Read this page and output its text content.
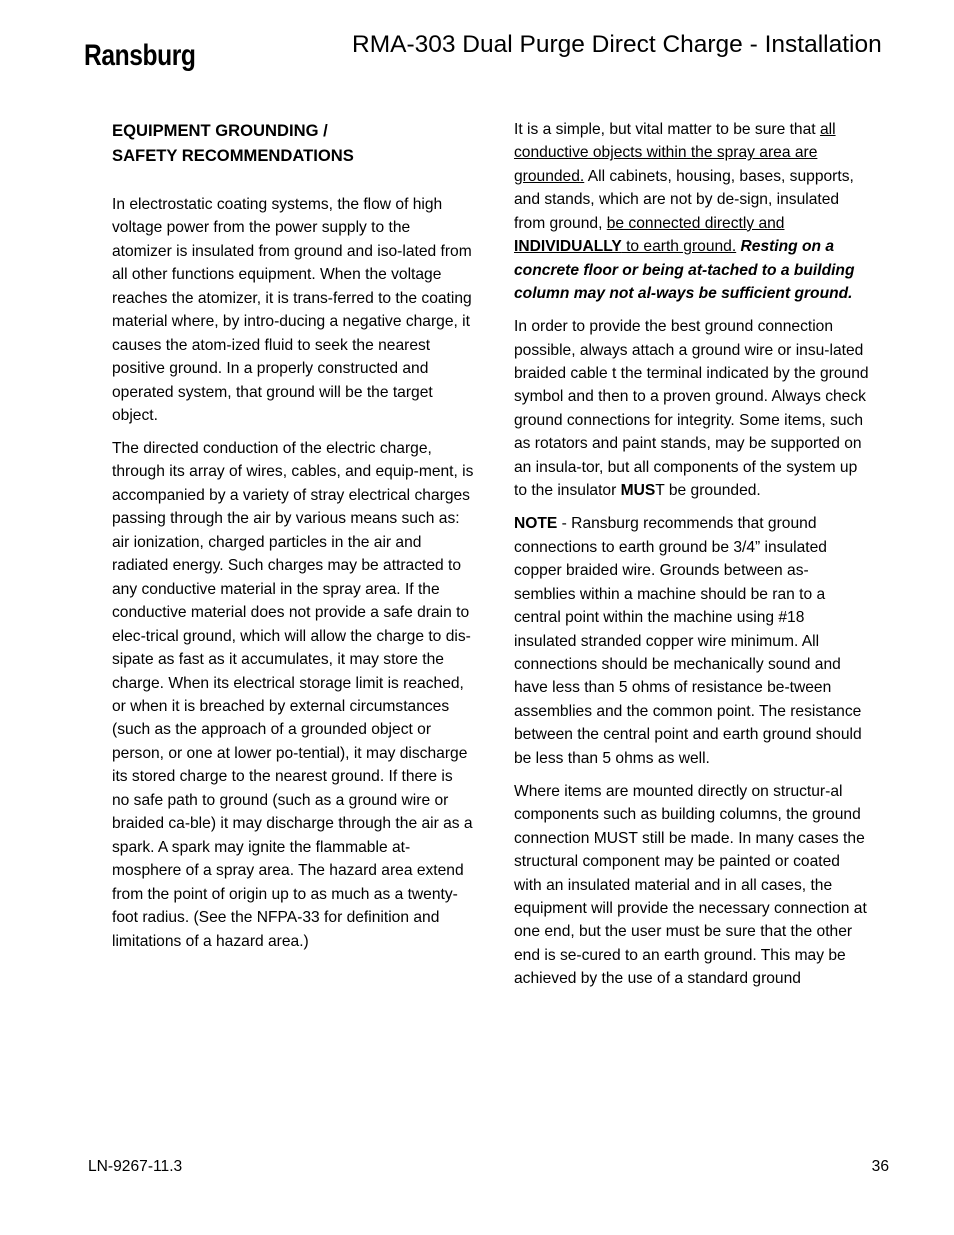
Ransburg	RMA-303 Dual Purge Direct Charge - Installation
EQUIPMENT GROUNDING /
SAFETY RECOMMENDATIONS

In electrostatic coating systems, the flow of high voltage power from the power supply to the atomizer is insulated from ground and iso-lated from all other functions equipment. When the voltage reaches the atomizer, it is trans-ferred to the coating material where, by intro-ducing a negative charge, it causes the atom-ized fluid to seek the nearest positive ground. In a properly constructed and operated system, that ground will be the target object.

The directed conduction of the electric charge, through its array of wires, cables, and equip-ment, is accompanied by a variety of stray electrical charges passing through the air by various means such as: air ionization, charged particles in the air and radiated energy. Such charges may be attracted to any conductive material in the spray area. If the conductive material does not provide a safe drain to elec-trical ground, which will allow the charge to dis-sipate as fast as it accumulates, it may store the charge. When its electrical storage limit is reached, or when it is breached by external circumstances (such as the approach of a grounded object or person, or one at lower po-tential), it may discharge its stored charge to the nearest ground. If there is no safe path to ground (such as a ground wire or braided ca-ble) it may discharge through the air as a spark. A spark may ignite the flammable at-mosphere of a spray area. The hazard area extend from the point of origin up to as much as a twenty-foot radius. (See the NFPA-33 for definition and limitations of a hazard area.)

It is a simple, but vital matter to be sure that all conductive objects within the spray area are grounded. All cabinets, housing, bases, supports, and stands, which are not by de-sign, insulated from ground, be connected directly and INDIVIDUALLY to earth ground. Resting on a concrete floor or being at-tached to a building column may not al-ways be sufficient ground.

In order to provide the best ground connection possible, always attach a ground wire or insu-lated braided cable t the terminal indicated by the ground symbol and then to a proven ground. Always check ground connections for integrity. Some items, such as rotators and paint stands, may be supported on an insula-tor, but all components of the system up to the insulator MUST be grounded.

NOTE - Ransburg recommends that ground connections to earth ground be 3/4” insulated copper braided wire. Grounds between as-semblies within a machine should be ran to a central point within the machine using #18 insulated stranded copper wire minimum. All connections should be mechanically sound and have less than 5 ohms of resistance be-tween assemblies and the common point. The resistance between the central point and earth ground should be less than 5 ohms as well.

Where items are mounted directly on structur-al components such as building columns, the ground connection MUST still be made. In many cases the structural component may be painted or coated with an insulated material and in all cases, the equipment will provide the necessary connection at one end, but the user must be sure that the other end is se-cured to an earth ground. This may be achieved by the use of a standard ground

LN-9267-11.3	36
